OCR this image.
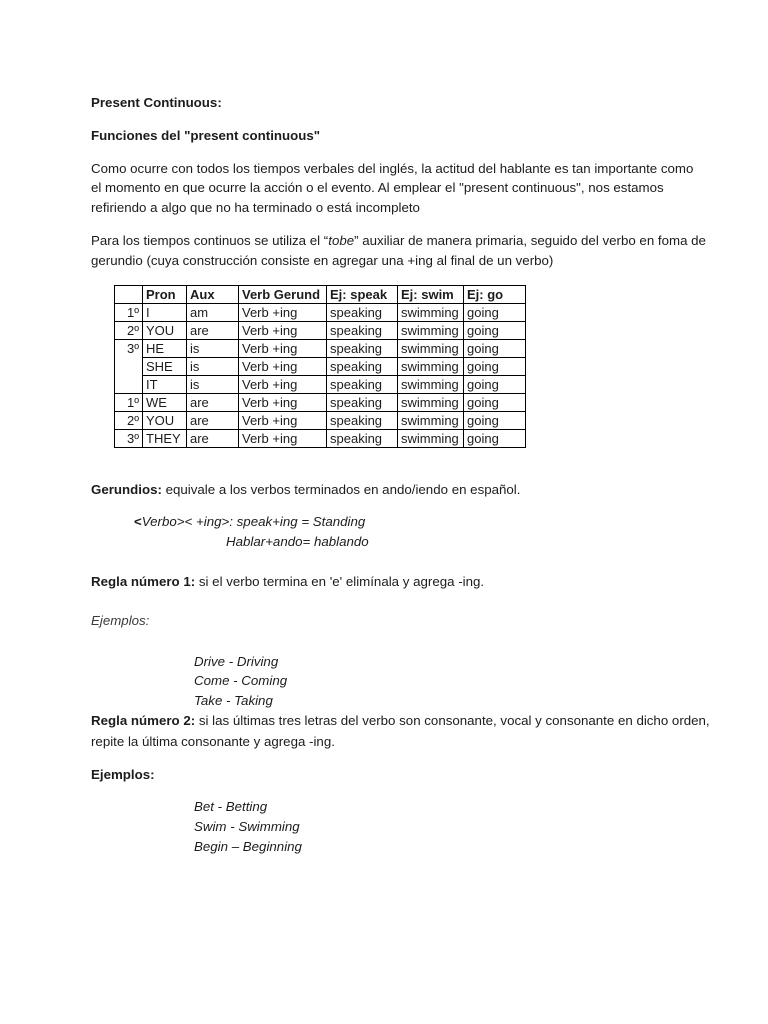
Present Continuous:
Funciones del "present continuous"
Como ocurre con todos los tiempos verbales del inglés, la actitud del hablante es tan importante como
el momento en que ocurre la acción o el evento. Al emplear el "present continuous", nos estamos
refiriendo a algo que no ha terminado o está incompleto
Para los tiempos continuos se utiliza el “tobe” auxiliar de manera primaria, seguido del verbo en foma de
gerundio (cuya construcción consiste en agregar una +ing al final de un verbo)
	Pron	Aux	Verb Gerund	Ej: speak	Ej: swim	Ej: go
1º	I	am	Verb +ing	speaking	swimming	going
2º	YOU	are	Verb +ing	speaking	swimming	going
3º	HE	is	Verb +ing	speaking	swimming	going
	SHE	is	Verb +ing	speaking	swimming	going
	IT	is	Verb +ing	speaking	swimming	going
1º	WE	are	Verb +ing	speaking	swimming	going
2º	YOU	are	Verb +ing	speaking	swimming	going
3º	THEY	are	Verb +ing	speaking	swimming	going
Gerundios: equivale a los verbos terminados en ando/iendo en español.
<Verbo>< +ing>: speak+ing = Standing
Hablar+ando= hablando
Regla número 1: si el verbo termina en 'e' elimínala y agrega -ing.
Ejemplos:
Drive - Driving
Come - Coming
Take - Taking
Regla número 2: si las últimas tres letras del verbo son consonante, vocal y consonante en dicho orden,
repite la última consonante y agrega -ing.
Ejemplos:
Bet - Betting
Swim - Swimming
Begin – Beginning
